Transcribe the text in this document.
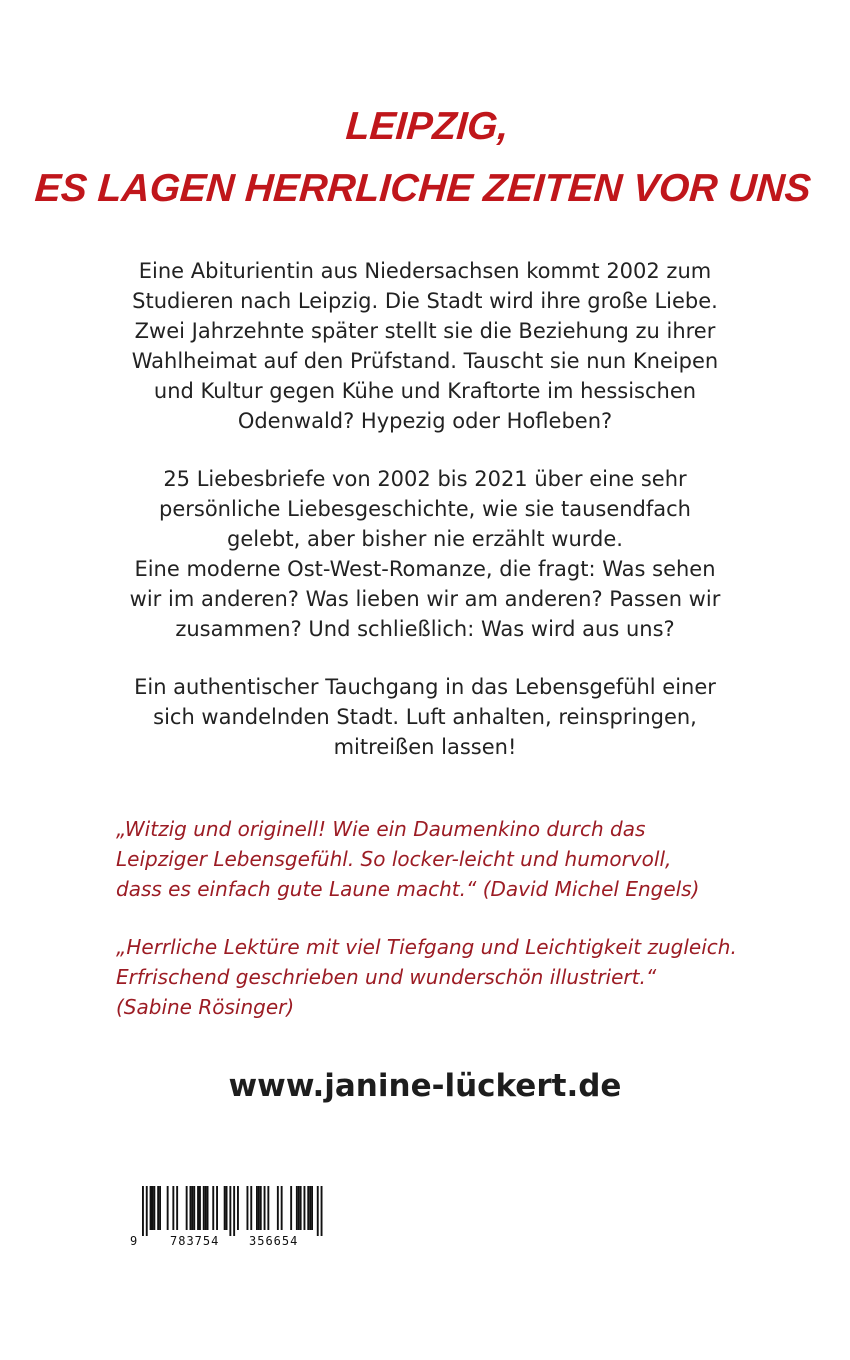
LEIPZIG,
ES LAGEN HERRLICHE ZEITEN VOR UNS
Eine Abiturientin aus Niedersachsen kommt 2002 zum
Studieren nach Leipzig. Die Stadt wird ihre große Liebe.
Zwei Jahrzehnte später stellt sie die Beziehung zu ihrer
Wahlheimat auf den Prüfstand. Tauscht sie nun Kneipen
und Kultur gegen Kühe und Kraftorte im hessischen
Odenwald? Hypezig oder Hofleben?
25 Liebesbriefe von 2002 bis 2021 über eine sehr
persönliche Liebesgeschichte, wie sie tausendfach
gelebt, aber bisher nie erzählt wurde.
Eine moderne Ost-West-Romanze, die fragt: Was sehen
wir im anderen? Was lieben wir am anderen? Passen wir
zusammen? Und schließlich: Was wird aus uns?
Ein authentischer Tauchgang in das Lebensgefühl einer
sich wandelnden Stadt. Luft anhalten, reinspringen,
mitreißen lassen!
„Witzig und originell! Wie ein Daumenkino durch das
Leipziger Lebensgefühl. So locker-leicht und humorvoll,
dass es einfach gute Laune macht.“ (David Michel Engels)
„Herrliche Lektüre mit viel Tiefgang und Leichtigkeit zugleich.
Erfrischend geschrieben und wunderschön illustriert.“
(Sabine Rösinger)
www.janine-lückert.de
9	783754 356654
